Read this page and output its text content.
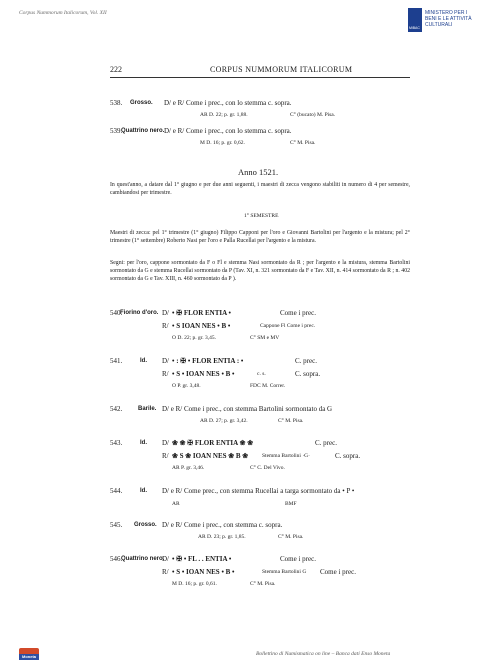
Corpus Nummorum Italicorum, Vol. XII
MiBAC
MINISTERO PER I BENI E LE ATTIVITÀ CULTURALI
222	CORPUS NUMMORUM ITALICORUM
538. Grosso. D/ e R/ Come i prec., con lo stemma c. sopra.
AR D. 22; p. gr. 1,88.	C° (bucato) M. Pisa.
539.
Quattrino nero. D/ e R/ Come i prec., con lo stemma c. sopra.
M D. 16; p. gr. 0,62.	C° M. Pisa.
Anno 1521.
In quest'anno, a datare dal 1° giugno e per due anni seguenti, i maestri di zecca vengono stabiliti in numero di 4 per semestre, cambiandosi per trimestre.
1° SEMESTRE
Maestri di zecca: pel 1° trimestre (1° giugno) Filippo Capponi per l'oro e Giovanni Bartolini per l'argento e la mistura; pel 2° trimestre (1° settembre) Roberto Nasi per l'oro e Palla Rucellai per l'argento e la mistura.
Segni: per l'oro, cappone sormontato da F o Fl e stemma Nasi sormontato da R ; per l'argento e la mistura, stemma Bartolini sormontato da G e stemma Rucellai sormontato da P (Tav. XI, n. 321 sormontato da F e Tav. XII, n. 414 sormontato da R ; n. 402 sormontato da G e Tav. XIII, n. 460 sormontato da P ).
540.
Fiorino d'oro. D/ • ✠ FLOR ENTIA •	Come i prec.
R/ • S IOAN NES • B •	Cappone Fl Come i prec.
O D. 22; p. gr. 3,45.	C° SM e MV
541.	Id. D/ • : ✠ • FLOR ENTIA : •	C. prec.
R/ • S • IOAN NES • B •	c. s.	C. sopra.
O P. gr. 3,48.	FDC M. Correr.
542.	Barile. D/ e R/ Come i prec., con stemma Bartolini sormontato da G
AR D. 27; p. gr. 3,42.	C° M. Pisa.
543.	Id. D/ ❀ ❀ ✠ FLOR ENTIA ❀ ❀	C. prec.
R/ ❀ S ❀ IOAN NES ❀ B ❀	Stemma Bartolini ·G·	C. sopra.
AR P. gr. 3,46.	C° C. Del Vivo.
544.	Id. D/ e R/ Come prec., con stemma Rucellai a targa sormontato da • P •
AR	BMF
545. Grosso. D/ e R/ Come i prec., con stemma c. sopra.
AR D. 23; p. gr. 1,85.	C° M. Pisa.
546.
Quattrino nero.
D/ • ✠ • FL . . ENTIA •	Come i prec.
R/ • S • IOAN NES • B •	Stemma Bartolini G Come i prec.
M D. 16; p. gr. 0,61.	C° M. Pisa.
Moneta	Bollettino di Numismatica on line – Banca dati Enso Moneta
